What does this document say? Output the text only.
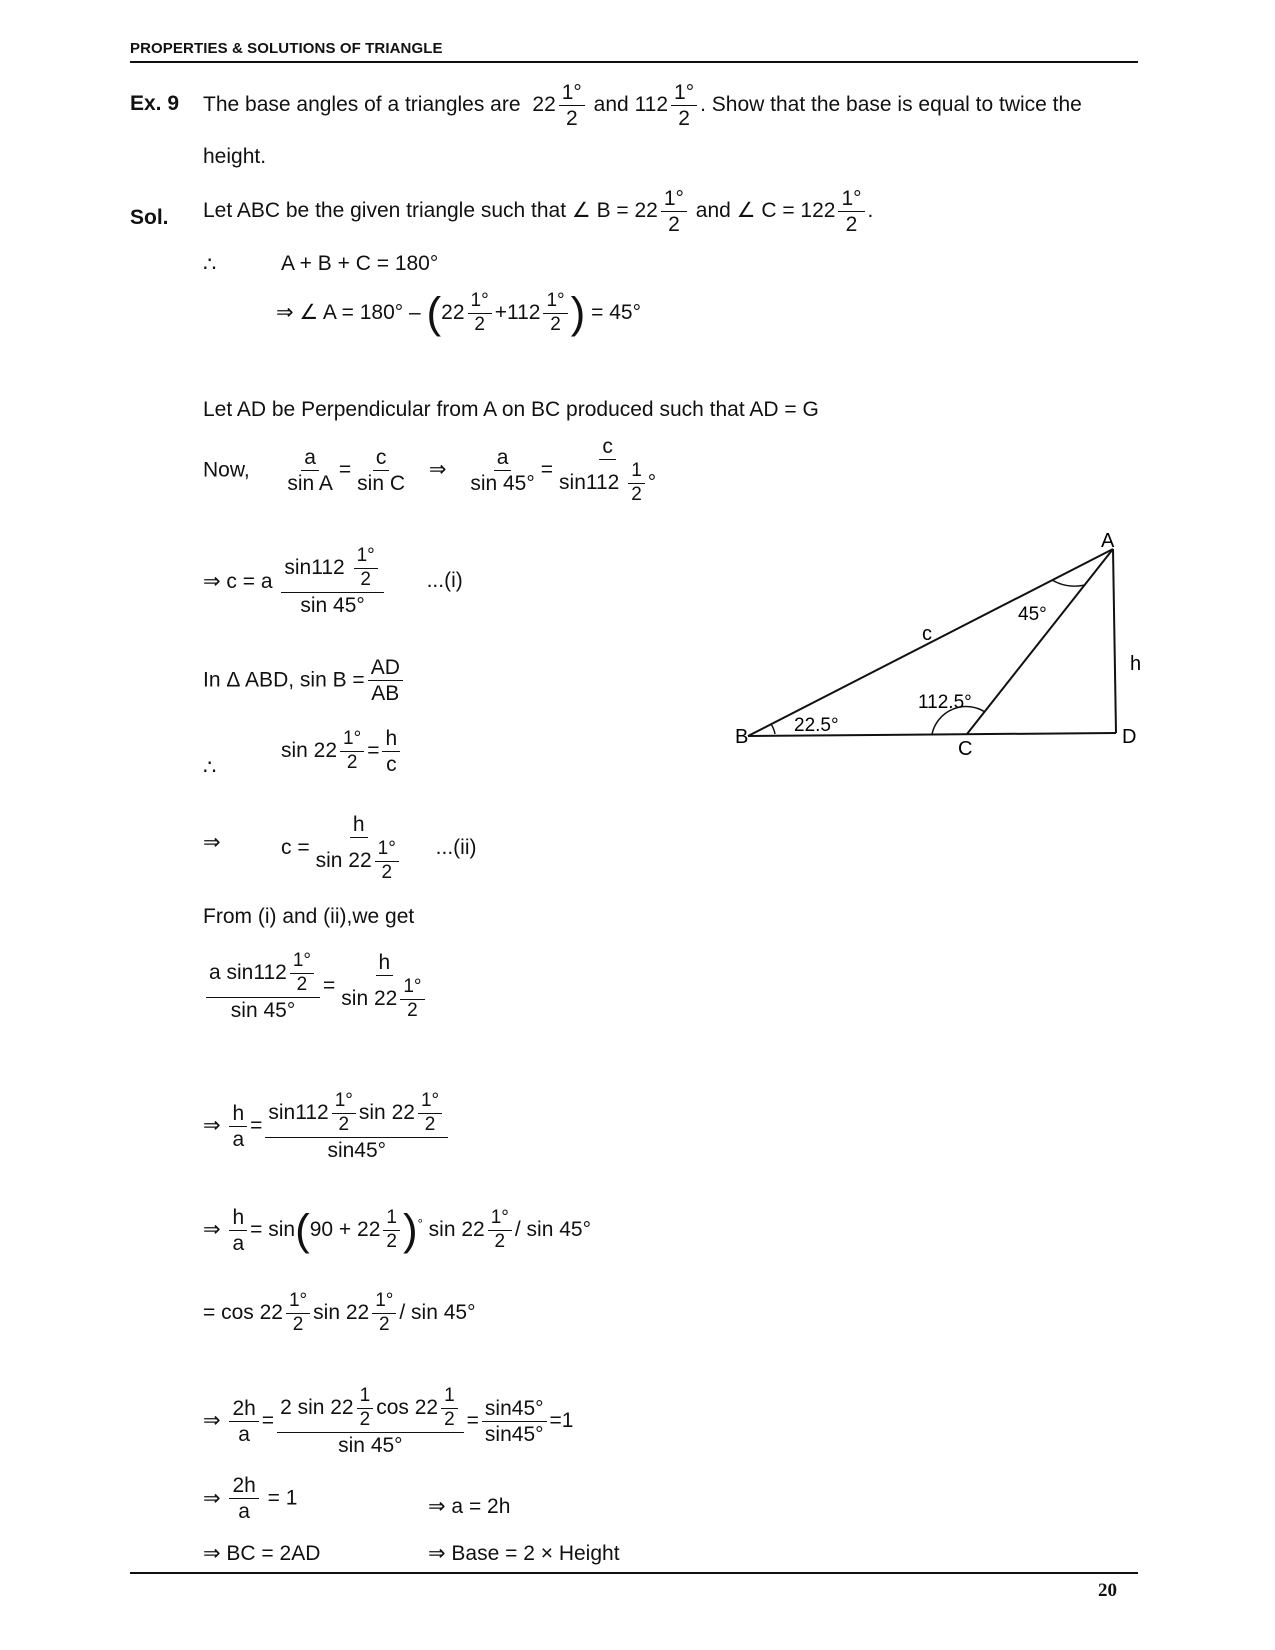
PROPERTIES & SOLUTIONS OF TRIANGLE
Ex. 9 The base angles of a triangles are $22 \frac{1^\circ}{2}$ and $112 \frac{1^\circ}{2}$ . Show that the base is equal to twice the
height.
Sol. Let ABC be the given triangle such that ∠ $B = 22 \frac{1^\circ}{2}$ and ∠ $C = 122 \frac{1^\circ}{2}$ .
∴	A + B + C = 180°
⇒ ∠ $A = 180^\circ - (22 \frac{1^\circ}{2} +112 \frac{1^\circ}{2}$ ) = 45°
Let AD be Perpendicular from A on BC produced such that AD = G
Now, $\frac{a}{\text{sin A}} = \frac{c}{\text{sin C}}$ ⇒ $\frac{a}{\sin 45^\circ} = \frac{c}{\sin 112 \frac{1}{2} ^\circ}$
⇒ c = a $\frac{\sin 112 \frac{1^\circ}{2}}{\sin 45^\circ} ...(i)$
In Δ ABD, $\sin B = \frac{AD}{AB}$
∴
$\sin 22 \frac{1^\circ}{2} = \frac{h}{c}$
⇒	$c = \frac{h}{\sin 22 \frac{1^\circ}{2}} ...(ii)$
From (i) and (ii),we get
$\frac{a \sin 112 \frac{1^\circ}{2}}{\sin 45^\circ} = \frac{h}{\sin 22 \frac{1^\circ}{2}}$
⇒ $\frac{h}{a} = \frac{\sin 112 \frac{1^\circ}{2} \sin 22 \frac{1^\circ}{2}}{\sin 45^\circ}$
⇒ $\frac{h}{a} = \sin(90 + 22 \frac{1}{2} )^\circ$ $\sin 22 \frac{1^\circ}{2}$ / sin 45°
= $\cos 22 \frac{1^\circ}{2}$ $\sin 22 \frac{1^\circ}{2}$ / sin 45°
⇒ $\frac{2h}{a} = \frac{2 \sin 22 \frac{1}{2} \cos 22 \frac{1}{2}}{\sin 45^\circ} = \frac{\sin 45^\circ}{\sin 45^\circ} =1$
⇒ $\frac{2h}{a} = 1$	⇒ a = 2h
⇒ BC = 2AD	⇒ Base = 2 × Height
A
B
C
D
c
h
22.5°
112.5°
45°
20
